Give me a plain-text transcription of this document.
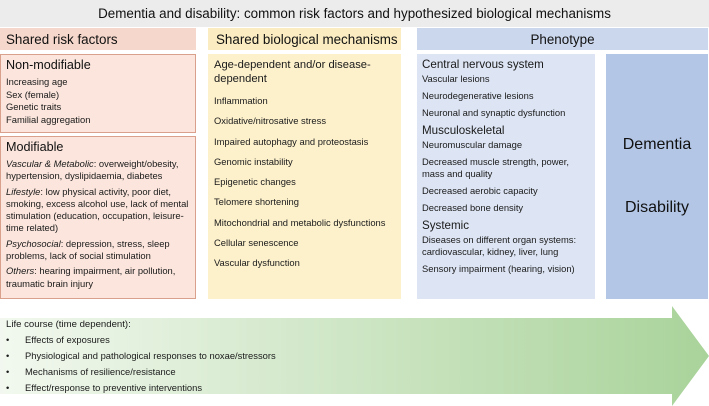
Dementia and disability: common risk factors and hypothesized biological mechanisms
Shared risk factors	Shared biological mechanisms	Phenotype
Non-modifiable
Increasing age
Sex (female)
Genetic traits
Familial aggregation
Modifiable
Vascular & Metabolic: overweight/obesity, hypertension, dyslipidaemia, diabetes
Lifestyle: low physical activity, poor diet, smoking, excess alcohol use, lack of mental stimulation (education, occupation, leisure-time related)
Psychosocial: depression, stress, sleep problems, lack of social stimulation
Others: hearing impairment, air pollution, traumatic brain injury
Age-dependent and/or disease-dependent
Inflammation
Oxidative/nitrosative stress
Impaired autophagy and proteostasis
Genomic instability
Epigenetic changes
Telomere shortening
Mitochondrial and metabolic dysfunctions
Cellular senescence
Vascular dysfunction
Central nervous system
Vascular lesions
Neurodegenerative lesions
Neuronal and synaptic dysfunction
Musculoskeletal
Neuromuscular damage
Decreased muscle strength, power, mass and quality
Decreased aerobic capacity
Decreased bone density
Systemic
Diseases on different organ systems: cardiovascular, kidney, liver, lung
Sensory impairment (hearing, vision)
Dementia
Disability
Life course (time dependent):
•	Effects of exposures
•	Physiological and pathological responses to noxae/stressors
•	Mechanisms of resilience/resistance
•	Effect/response to preventive interventions
